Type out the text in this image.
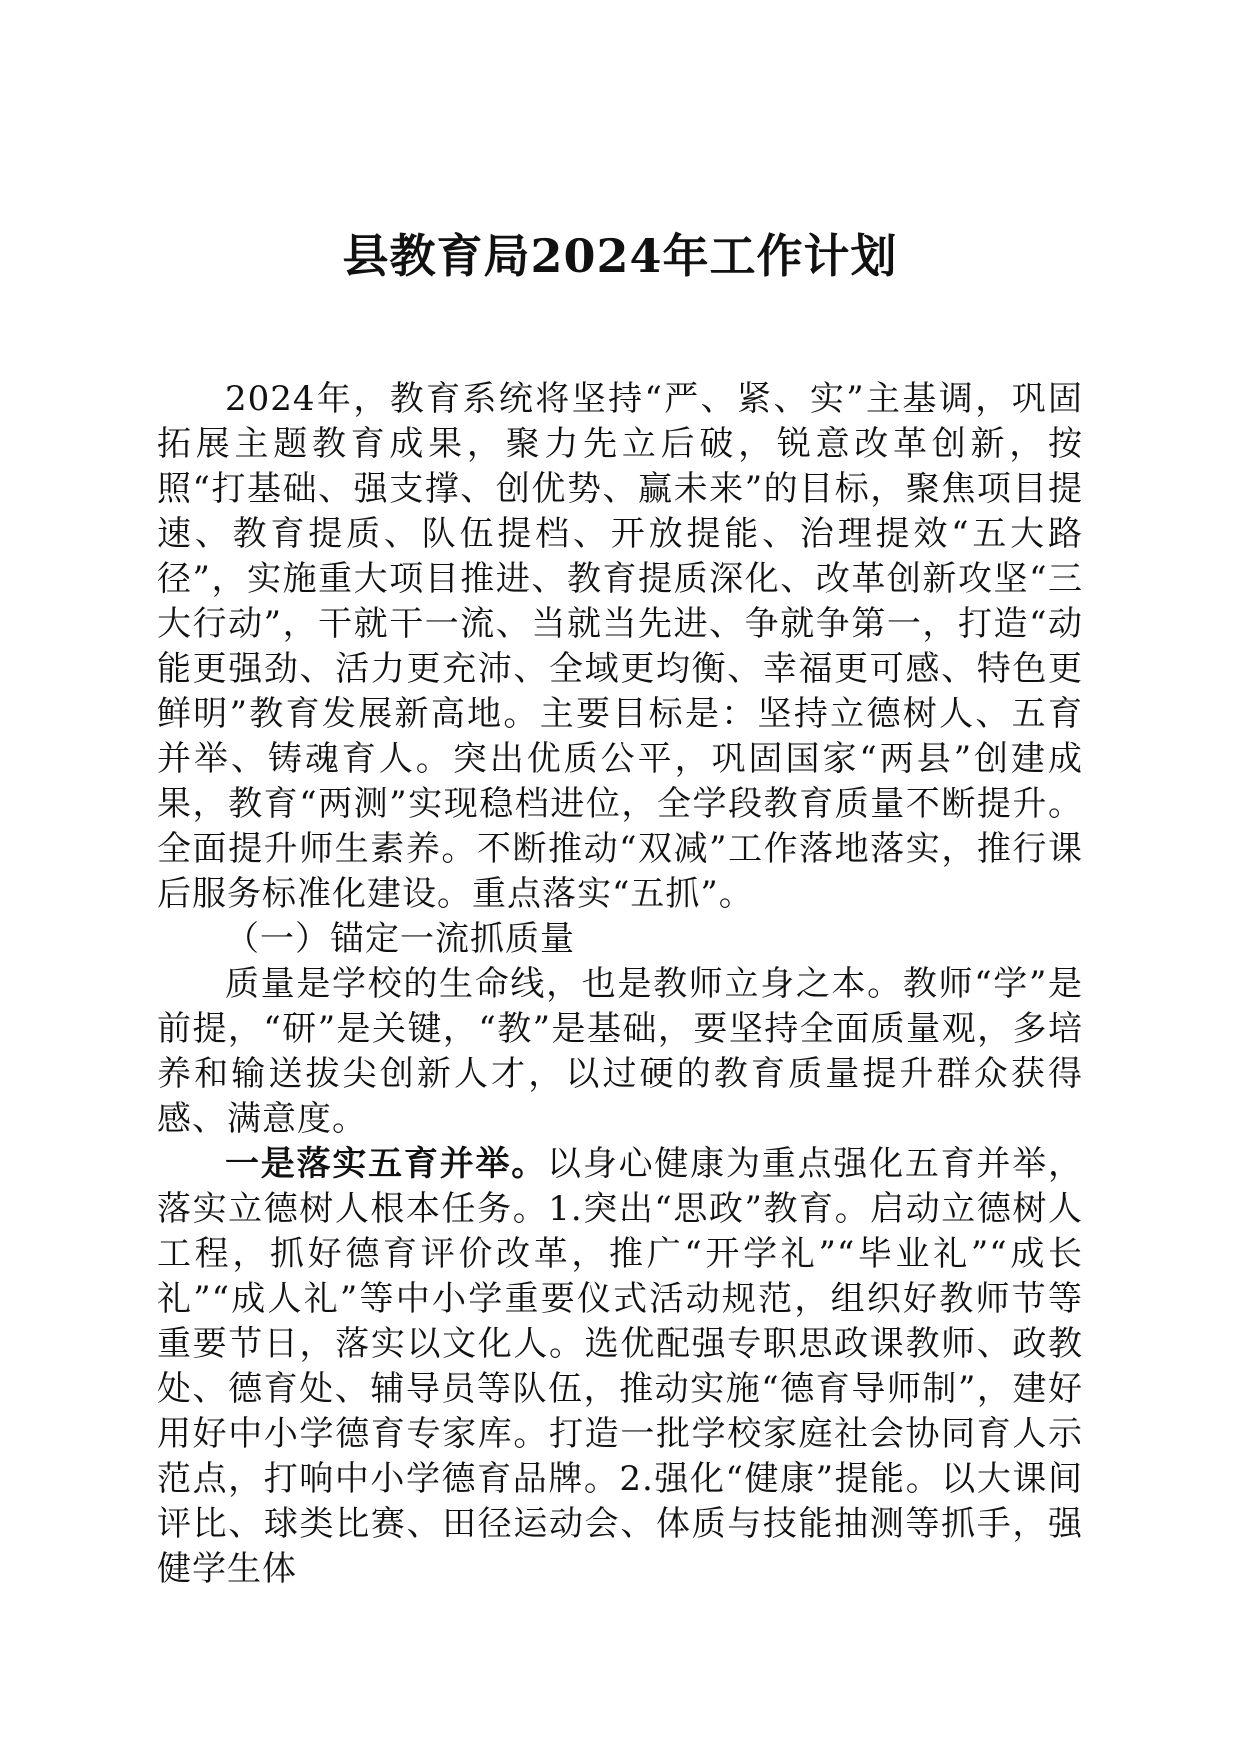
县教育局2024年工作计划

2024年，教育系统将坚持“严、紧、实”主基调，巩固拓展主题教育成果，聚力先立后破，锐意改革创新，按照“打基础、强支撑、创优势、赢未来”的目标，聚焦项目提速、教育提质、队伍提档、开放提能、治理提效“五大路径”，实施重大项目推进、教育提质深化、改革创新攻坚“三大行动”，干就干一流、当就当先进、争就争第一，打造“动能更强劲、活力更充沛、全域更均衡、幸福更可感、特色更鲜明”教育发展新高地。主要目标是：坚持立德树人、五育并举、铸魂育人。突出优质公平，巩固国家“两县”创建成果，教育“两测”实现稳档进位，全学段教育质量不断提升。全面提升师生素养。不断推动“双减”工作落地落实，推行课后服务标准化建设。重点落实“五抓”。

（一）锚定一流抓质量

质量是学校的生命线，也是教师立身之本。教师“学”是前提，“研”是关键，“教”是基础，要坚持全面质量观，多培养和输送拔尖创新人才，以过硬的教育质量提升群众获得感、满意度。

一是落实五育并举。以身心健康为重点强化五育并举，落实立德树人根本任务。1.突出“思政”教育。启动立德树人工程，抓好德育评价改革，推广“开学礼”“毕业礼”“成长礼”“成人礼”等中小学重要仪式活动规范，组织好教师节等重要节日，落实以文化人。选优配强专职思政课教师、政教处、德育处、辅导员等队伍，推动实施“德育导师制”，建好用好中小学德育专家库。打造一批学校家庭社会协同育人示范点，打响中小学德育品牌。2.强化“健康”提能。以大课间评比、球类比赛、田径运动会、体质与技能抽测等抓手，强健学生体
